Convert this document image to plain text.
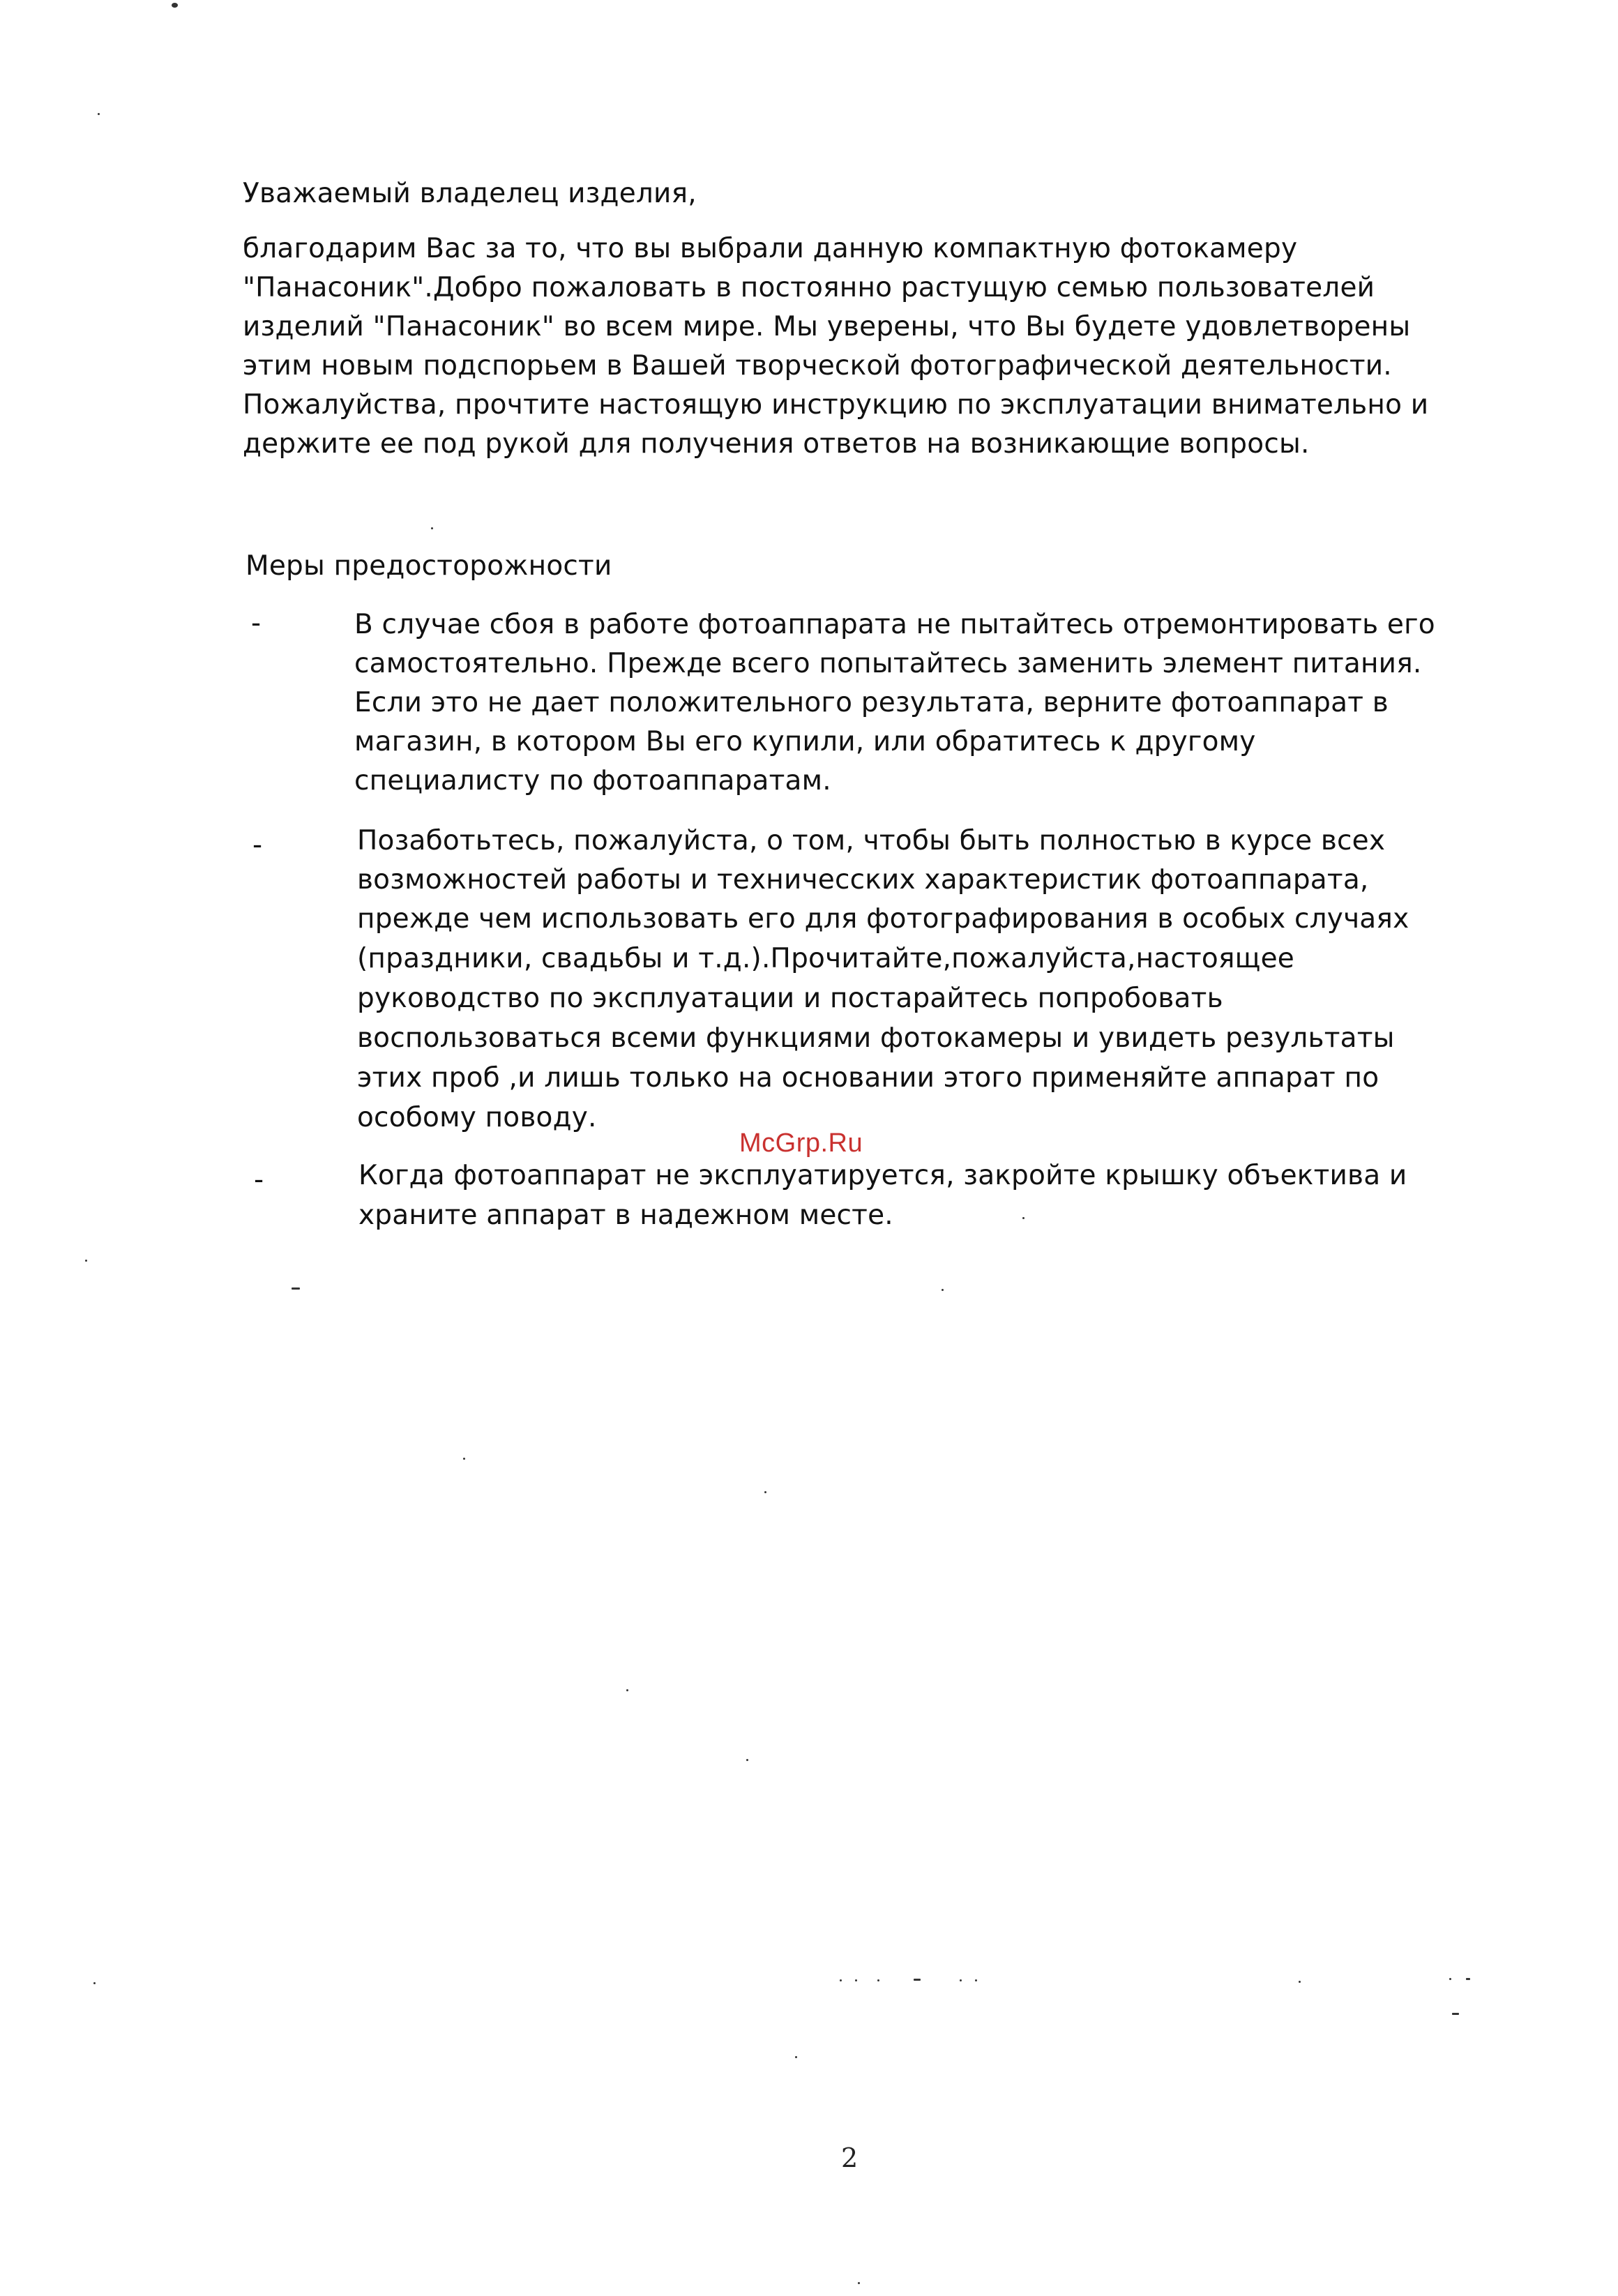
Уважаемый владелец изделия,
благодарим Вас за то, что вы выбрали данную компактную фотокамеру
"Панасоник".Добро пожаловать в постоянно растущую семью пользователей
изделий "Панасоник" во всем мире. Мы уверены, что Вы будете удовлетворены
этим новым подспорьем в Вашей творческой фотографической деятельности.
Пожалуйства, прочтите настоящую инструкцию по эксплуатации внимательно и
держите ее под рукой для получения ответов на возникающие вопросы.
Меры предосторожности
-	В случае сбоя в работе фотоаппарата не пытайтесь отремонтировать его
самостоятельно. Прежде всего попытайтесь заменить элемент питания.
Если это не дает положительного результата, верните фотоаппарат в
магазин, в котором Вы его купили, или обратитесь к другому
специалисту по фотоаппаратам.
-	Позаботьтесь, пожалуйста, о том, чтобы быть полностью в курсе всех
возможностей работы и техничесских характеристик фотоаппарата,
прежде чем использовать его для фотографирования в особых случаях
(праздники, свадьбы и т.д.).Прочитайте,пожалуйста,настоящее
руководство по эксплуатации и постарайтесь попробовать
воспользоваться всеми функциями фотокамеры и увидеть результаты
этих проб ,и лишь только на основании этого применяйте аппарат по
особому поводу.
McGrp.Ru
-	Когда фотоаппарат не эксплуатируется, закройте крышку объектива и
храните аппарат в надежном месте.
2
